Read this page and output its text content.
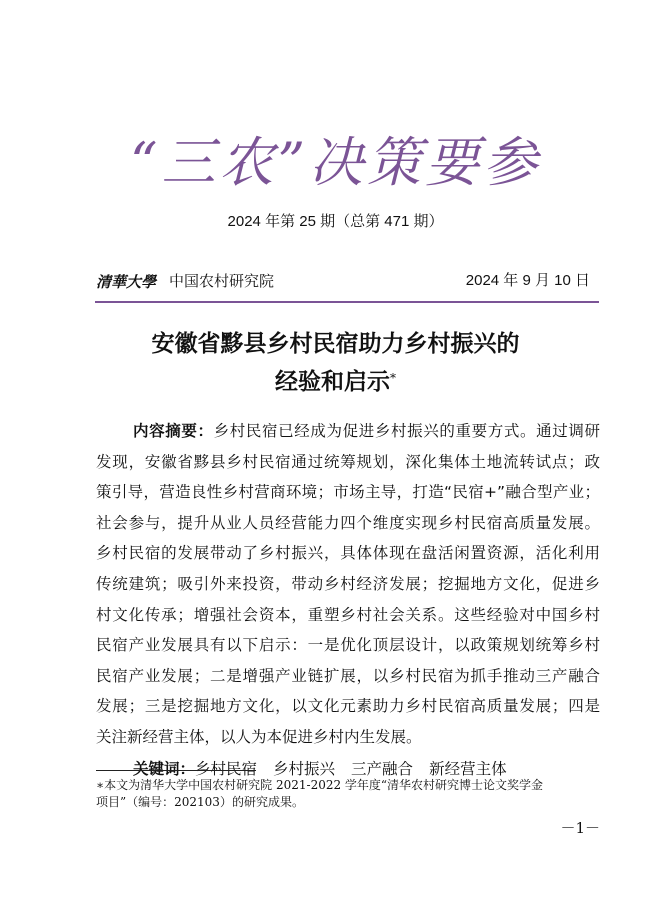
“三农”决策要参
2024 年第 25 期（总第 471 期）
清華大學 中国农村研究院	2024 年 9 月 10 日
安徽省黟县乡村民宿助力乡村振兴的
经验和启示*
内容摘要：乡村民宿已经成为促进乡村振兴的重要方式。通过调研
发现，安徽省黟县乡村民宿通过统筹规划，深化集体土地流转试点；政
策引导，营造良性乡村营商环境；市场主导，打造“民宿+”融合型产业；
社会参与，提升从业人员经营能力四个维度实现乡村民宿高质量发展。
乡村民宿的发展带动了乡村振兴，具体体现在盘活闲置资源，活化利用
传统建筑；吸引外来投资，带动乡村经济发展；挖掘地方文化，促进乡
村文化传承；增强社会资本，重塑乡村社会关系。这些经验对中国乡村
民宿产业发展具有以下启示：一是优化顶层设计，以政策规划统筹乡村
民宿产业发展；二是增强产业链扩展，以乡村民宿为抓手推动三产融合
发展；三是挖掘地方文化，以文化元素助力乡村民宿高质量发展；四是
关注新经营主体，以人为本促进乡村内生发展。
关键词：乡村民宿 乡村振兴 三产融合 新经营主体
∗本文为清华大学中国农村研究院 2021-2022 学年度“清华农村研究博士论文奖学金
项目”（编号：202103）的研究成果。
－1－
